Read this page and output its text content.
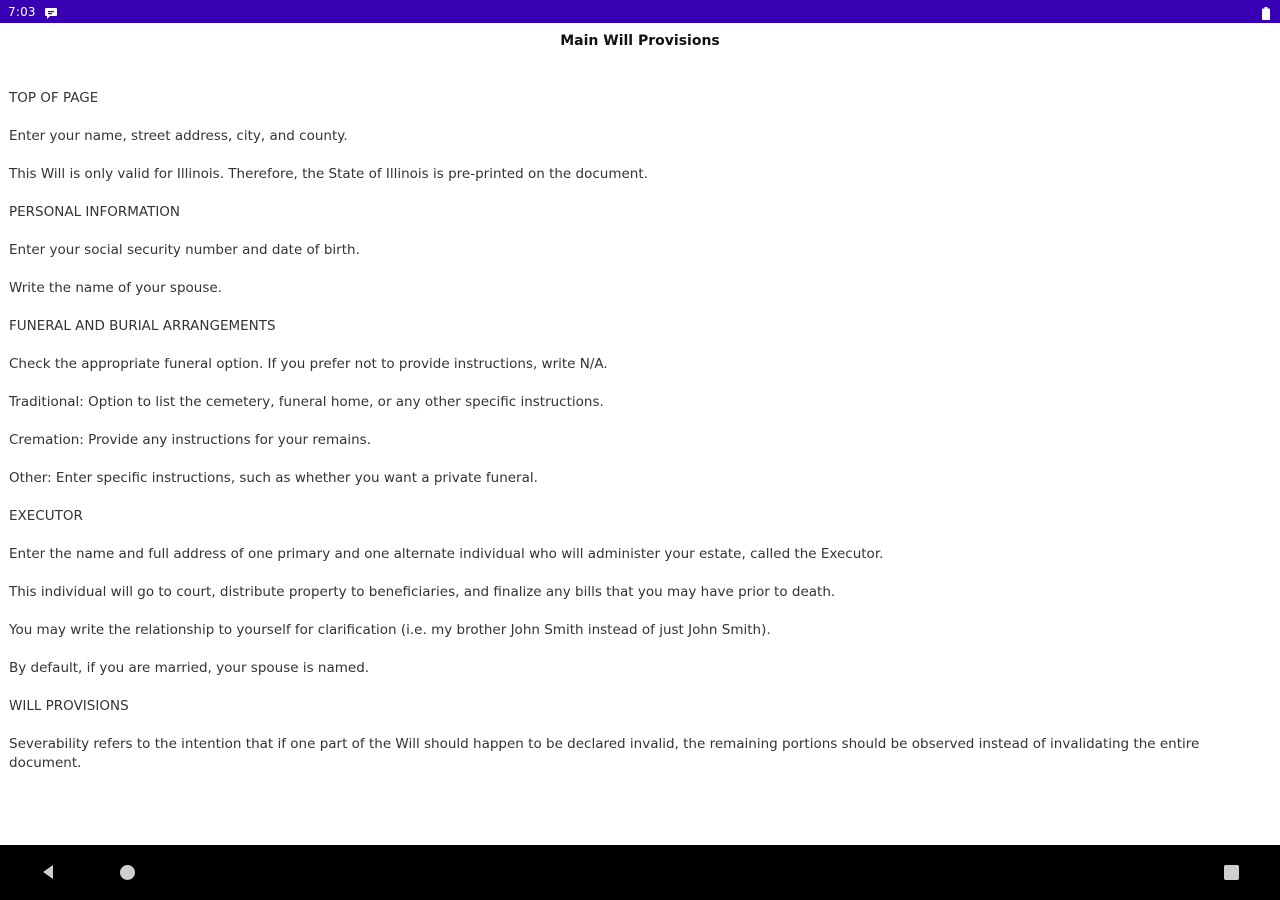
7:03
Main Will Provisions

TOP OF PAGE

Enter your name, street address, city, and county.

This Will is only valid for Illinois. Therefore, the State of Illinois is pre-printed on the document.

PERSONAL INFORMATION

Enter your social security number and date of birth.

Write the name of your spouse.

FUNERAL AND BURIAL ARRANGEMENTS

Check the appropriate funeral option. If you prefer not to provide instructions, write N/A.

Traditional: Option to list the cemetery, funeral home, or any other specific instructions.

Cremation: Provide any instructions for your remains.

Other: Enter specific instructions, such as whether you want a private funeral.

EXECUTOR

Enter the name and full address of one primary and one alternate individual who will administer your estate, called the Executor.

This individual will go to court, distribute property to beneficiaries, and finalize any bills that you may have prior to death.

You may write the relationship to yourself for clarification (i.e. my brother John Smith instead of just John Smith).

By default, if you are married, your spouse is named.

WILL PROVISIONS

Severability refers to the intention that if one part of the Will should happen to be declared invalid, the remaining portions should be observed instead of invalidating the entire document.
